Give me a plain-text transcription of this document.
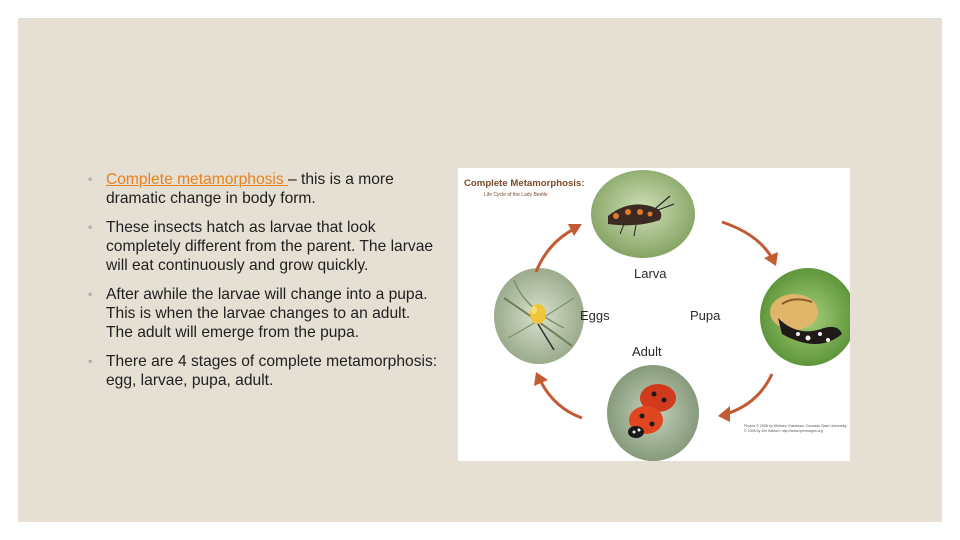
◦ Complete metamorphosis – this is a more dramatic change in body form.
◦ These insects hatch as larvae that look completely different from the parent. The larvae will eat continuously and grow quickly.
◦ After awhile the larvae will change into a pupa. This is when the larvae changes to an adult. The adult will emerge from the pupa.
◦ There are 4 stages of complete metamorphosis: egg, larvae, pupa, adult.
Complete Metamorphosis:
Life Cycle of the Lady Beetle
Larva
Eggs	Pupa
Adult
Photos © 2008 by Whitney Cranshaw, Colorado State University; © 2008 by Jim Kalisch; http://www.ipmimages.org
